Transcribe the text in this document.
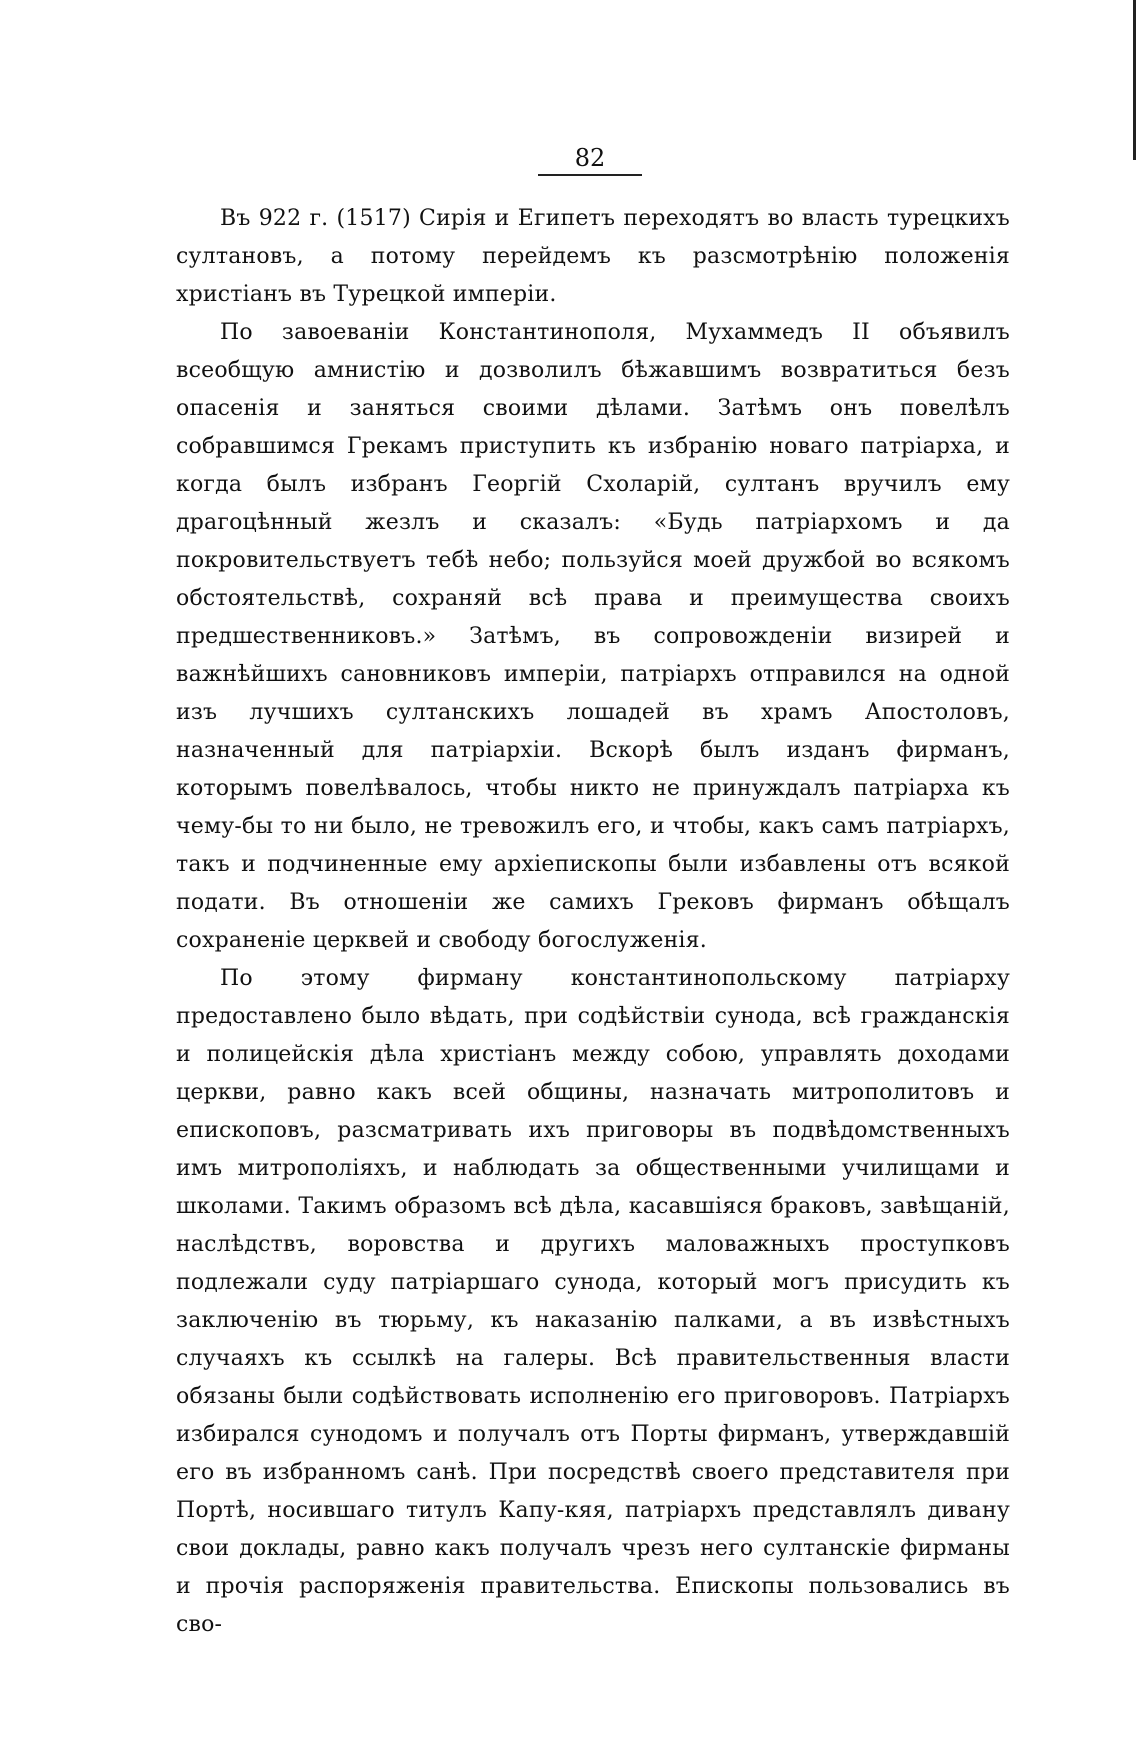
82

Въ 922 г. (1517) Сирія и Египетъ переходятъ во власть турецкихъ султановъ, а потому перейдемъ къ разсмотрѣнію положенія христіанъ въ Турецкой имперіи.

По завоеваніи Константинополя, Мухаммедъ II объявилъ всеобщую амнистію и дозволилъ бѣжавшимъ возвратиться безъ опасенія и заняться своими дѣлами. Затѣмъ онъ повелѣлъ собравшимся Грекамъ приступить къ избранію новаго патріарха, и когда былъ избранъ Георгій Схоларій, султанъ вручилъ ему драгоцѣнный жезлъ и сказалъ: «Будь патріархомъ и да покровительствуетъ тебѣ небо; пользуйся моей дружбой во всякомъ обстоятельствѣ, сохраняй всѣ права и преимущества своихъ предшественниковъ.» Затѣмъ, въ сопровожденіи визирей и важнѣйшихъ сановниковъ имперіи, патріархъ отправился на одной изъ лучшихъ султанскихъ лошадей въ храмъ Апостоловъ, назначенный для патріархіи. Вскорѣ былъ изданъ фирманъ, которымъ повелѣвалось, чтобы никто не принуждалъ патріарха къ чему-бы то ни было, не тревожилъ его, и чтобы, какъ самъ патріархъ, такъ и подчиненные ему архіепископы были избавлены отъ всякой подати. Въ отношеніи же самихъ Грековъ фирманъ обѣщалъ сохраненіе церквей и свободу богослуженія.

По этому фирману константинопольскому патріарху предоставлено было вѣдать, при содѣйствіи сунода, всѣ гражданскія и полицейскія дѣла христіанъ между собою, управлять доходами церкви, равно какъ всей общины, назначать митрополитовъ и епископовъ, разсматривать ихъ приговоры въ подвѣдомственныхъ имъ митрополіяхъ, и наблюдать за общественными училищами и школами. Такимъ образомъ всѣ дѣла, касавшіяся браковъ, завѣщаній, наслѣдствъ, воровства и другихъ маловажныхъ проступковъ подлежали суду патріаршаго сунода, который могъ присудить къ заключенію въ тюрьму, къ наказанію палками, а въ извѣстныхъ случаяхъ къ ссылкѣ на галеры. Всѣ правительственныя власти обязаны были содѣйствовать исполненію его приговоровъ. Патріархъ избирался сунодомъ и получалъ отъ Порты фирманъ, утверждавшій его въ избранномъ санѣ. При посредствѣ своего представителя при Портѣ, носившаго титулъ Капу-кяя, патріархъ представлялъ дивану свои доклады, равно какъ получалъ чрезъ него султанскіе фирманы и прочія распоряженія правительства. Епископы пользовались въ сво-
